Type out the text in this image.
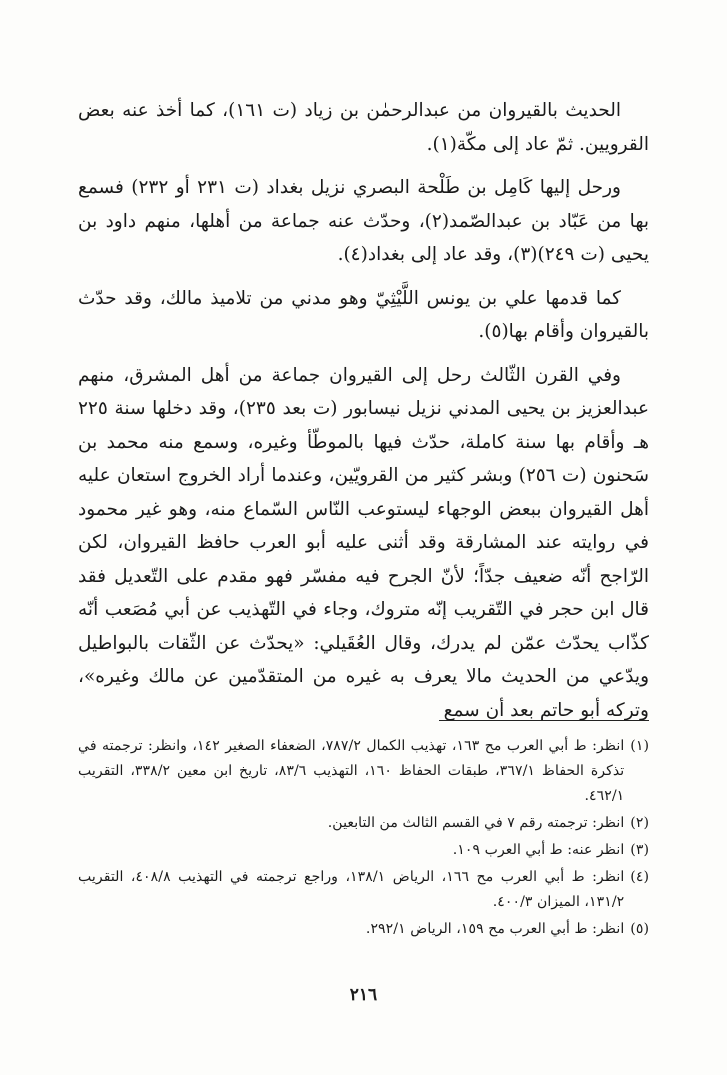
الحديث بالقيروان من عبدالرحمٰن بن زياد (ت ١٦١)، كما أخذ عنه بعض القرويين. ثمّ عاد إلى مكّة(١).

ورحل إليها كَامِل بن طَلْحة البصري نزيل بغداد (ت ٢٣١ أو ٢٣٢) فسمع بها من عَبّاد بن عبدالصّمد(٢)، وحدّث عنه جماعة من أهلها، منهم داود بن يحيى (ت ٢٤٩)(٣)، وقد عاد إلى بغداد(٤).

كما قدمها علي بن يونس اللَّيْثِيّ وهو مدني من تلاميذ مالك، وقد حدّث بالقيروان وأقام بها(٥).

وفي القرن الثّالث رحل إلى القيروان جماعة من أهل المشرق، منهم عبدالعزيز بن يحيى المدني نزيل نيسابور (ت بعد ٢٣٥)، وقد دخلها سنة ٢٢٥ هـ وأقام بها سنة كاملة، حدّث فيها بالموطّأ وغيره، وسمع منه محمد بن سَحنون (ت ٢٥٦) وبشر كثير من القرويّين، وعندما أراد الخروج استعان عليه أهل القيروان ببعض الوجهاء ليستوعب النّاس السّماع منه، وهو غير محمود في روايته عند المشارقة وقد أثنى عليه أبو العرب حافظ القيروان، لكن الرّاجح أنّه ضعيف جدّاً؛ لأنّ الجرح فيه مفسّر فهو مقدم على التّعديل فقد قال ابن حجر في التّقريب إنّه متروك، وجاء في التّهذيب عن أبي مُصَعب أنّه كذّاب يحدّث عمّن لم يدرك، وقال العُقَيلي: «يحدّث عن الثّقات بالبواطيل ويدّعي من الحديث مالا يعرف به غيره من المتقدّمين عن مالك وغيره»، وتركه أبو حاتم بعد أن سمع

(١)
انظر: ط أبي العرب مح ١٦٣، تهذيب الكمال ٧٨٧/٢، الضعفاء الصغير ١٤٢، وانظر: ترجمته في تذكرة الحفاظ ٣٦٧/١، طبقات الحفاظ ١٦٠، التهذيب ٨٣/٦، تاريخ ابن معين ٣٣٨/٢، التقريب ٤٦٢/١.
(٢)
انظر: ترجمته رقم ٧ في القسم الثالث من التابعين.
(٣)
انظر عنه: ط أبي العرب ١٠٩.
(٤)
انظر: ط أبي العرب مح ١٦٦، الرياض ١٣٨/١، وراجع ترجمته في التهذيب ٤٠٨/٨، التقريب ١٣١/٢، الميزان ٤٠٠/٣.
(٥)
انظر: ط أبي العرب مح ١٥٩، الرياض ٢٩٢/١.
٢١٦
